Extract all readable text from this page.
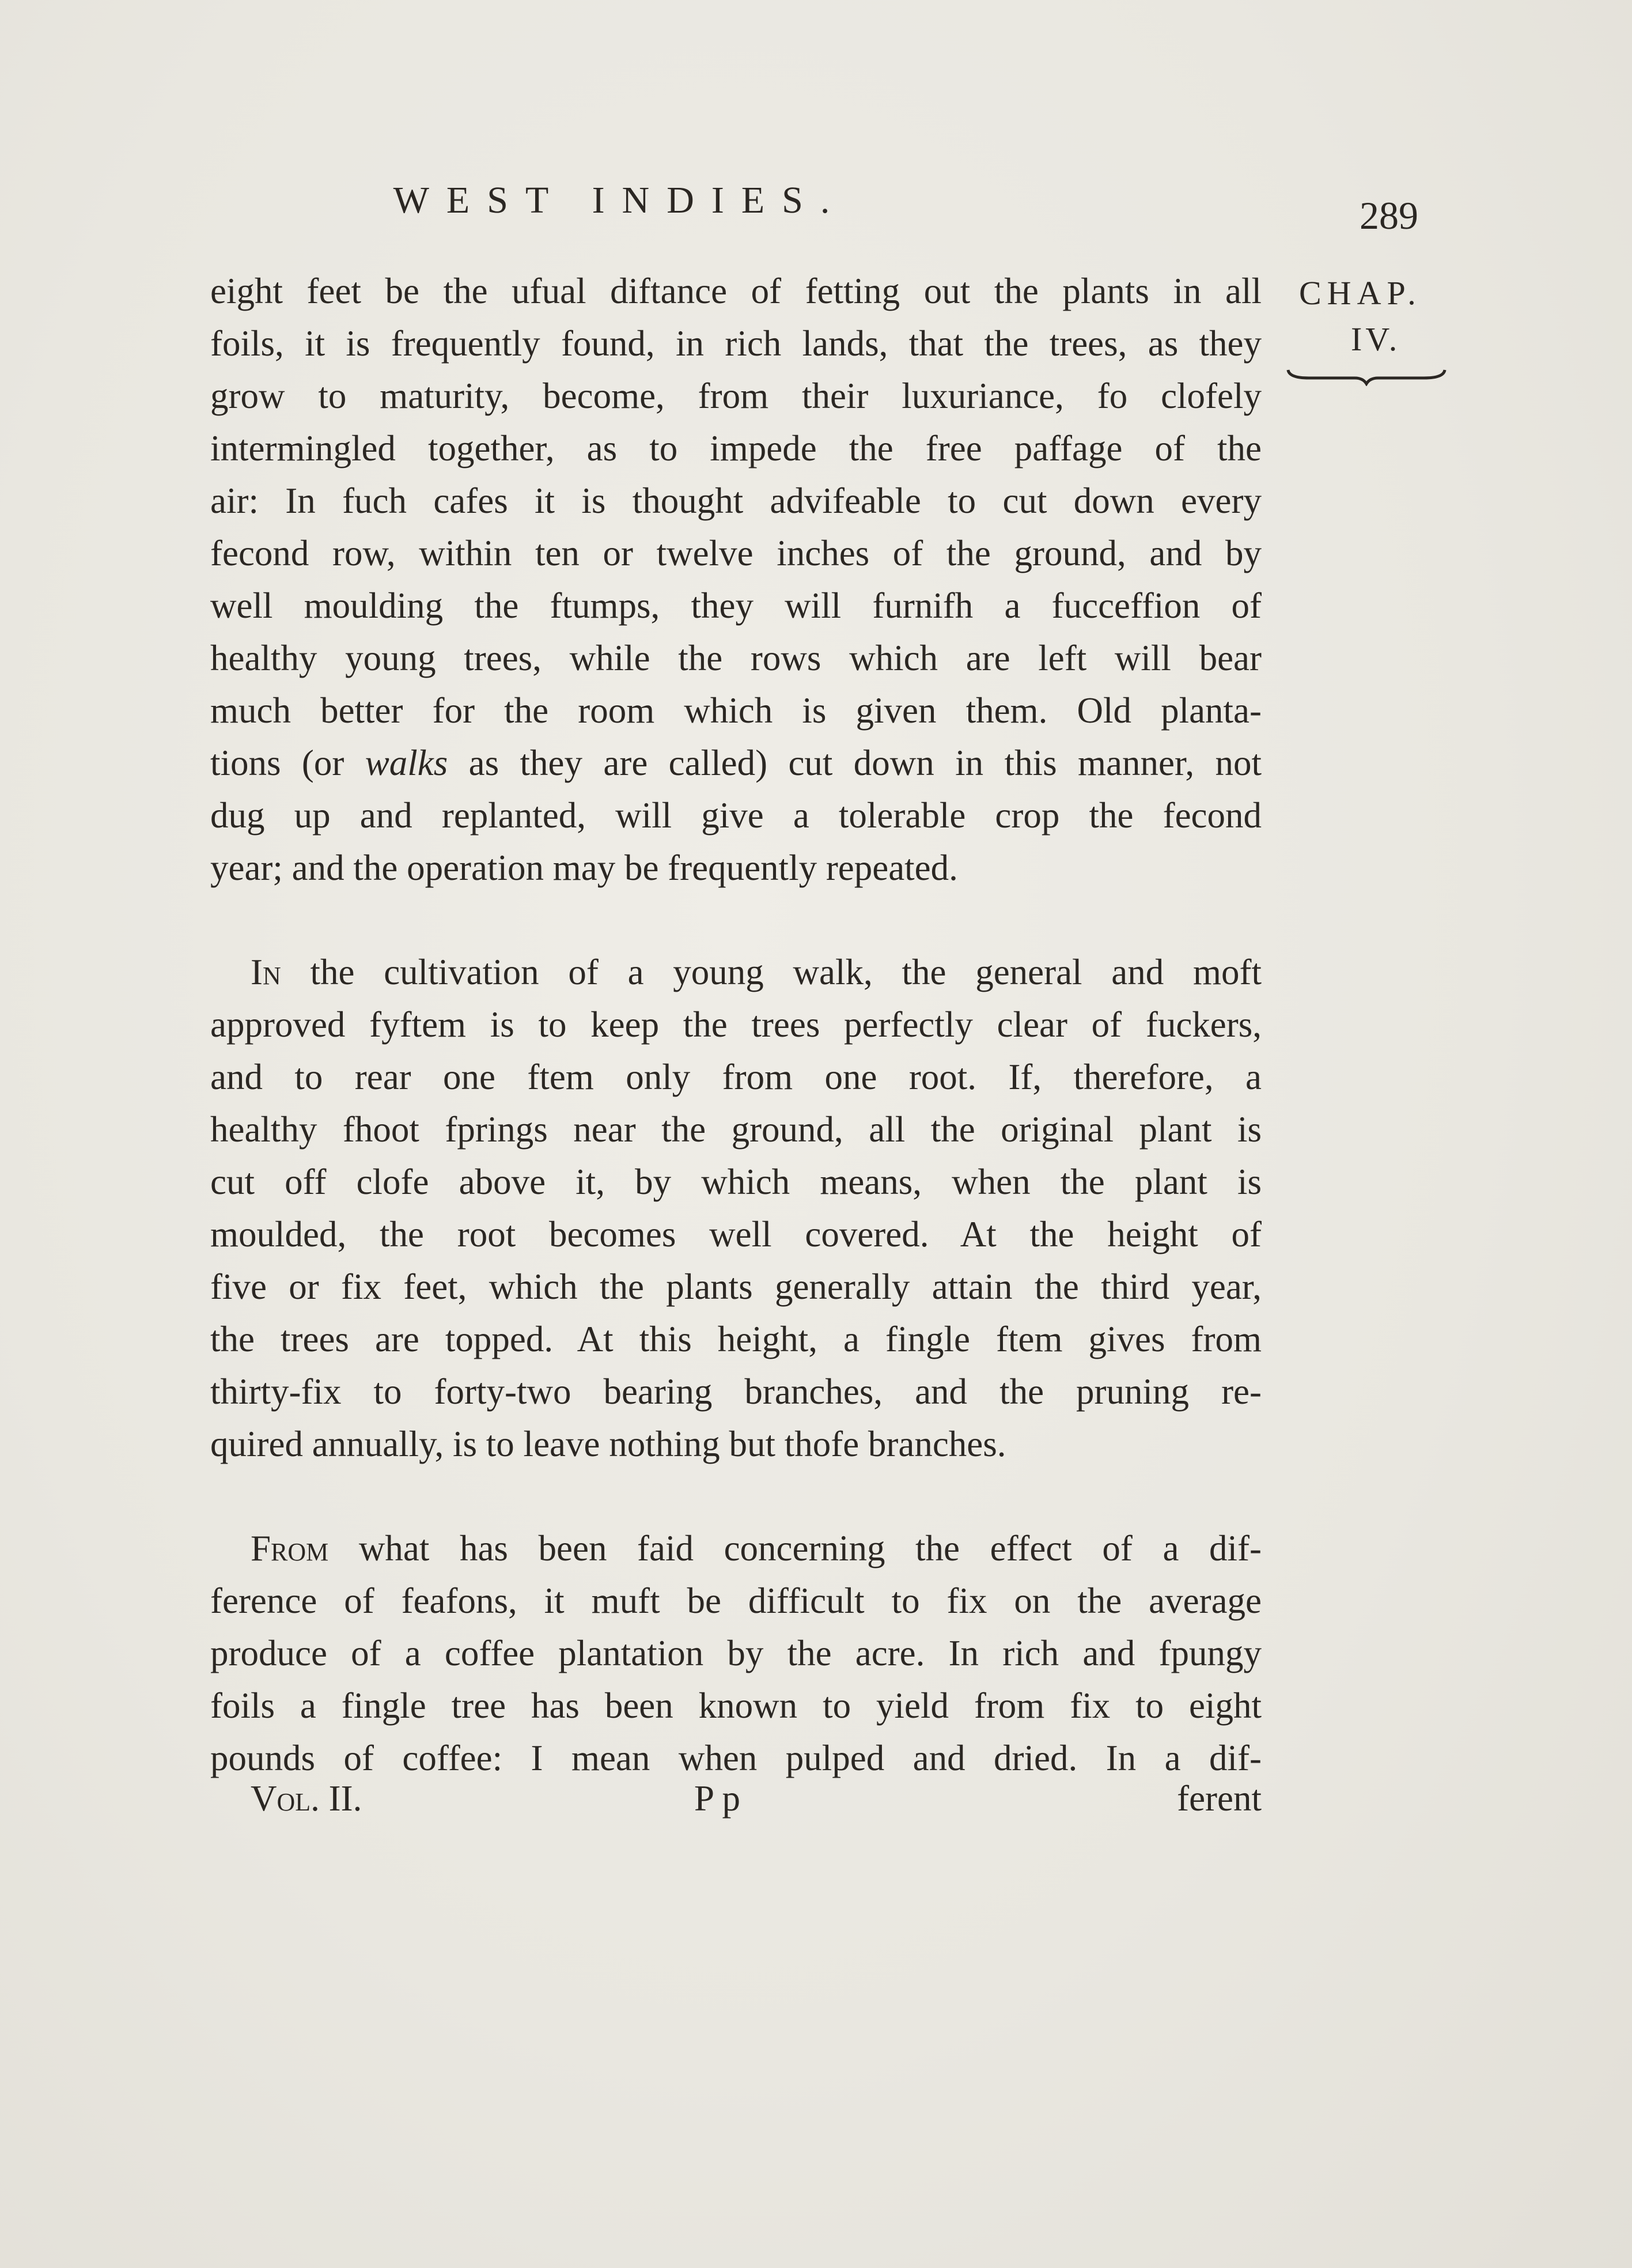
WEST INDIES.	289
CHAP.
IV.
eight feet be the ufual diftance of fetting out the plants in all
foils, it is frequently found, in rich lands, that the trees, as they
grow to maturity, become, from their luxuriance, fo clofely
intermingled together, as to impede the free paffage of the
air: In fuch cafes it is thought advifeable to cut down every
fecond row, within ten or twelve inches of the ground, and by
well moulding the ftumps, they will furnifh a fucceffion of
healthy young trees, while the rows which are left will bear
much better for the room which is given them. Old planta-
tions (or walks as they are called) cut down in this manner, not
dug up and replanted, will give a tolerable crop the fecond
year; and the operation may be frequently repeated.
In the cultivation of a young walk, the general and moft
approved fyftem is to keep the trees perfectly clear of fuckers,
and to rear one ftem only from one root. If, therefore, a
healthy fhoot fprings near the ground, all the original plant is
cut off clofe above it, by which means, when the plant is
moulded, the root becomes well covered. At the height of
five or fix feet, which the plants generally attain the third year,
the trees are topped. At this height, a fingle ftem gives from
thirty-fix to forty-two bearing branches, and the pruning re-
quired annually, is to leave nothing but thofe branches.
From what has been faid concerning the effect of a dif-
ference of feafons, it muft be difficult to fix on the average
produce of a coffee plantation by the acre. In rich and fpungy
foils a fingle tree has been known to yield from fix to eight
pounds of coffee: I mean when pulped and dried. In a dif-
Vol. II.	P p	ferent
